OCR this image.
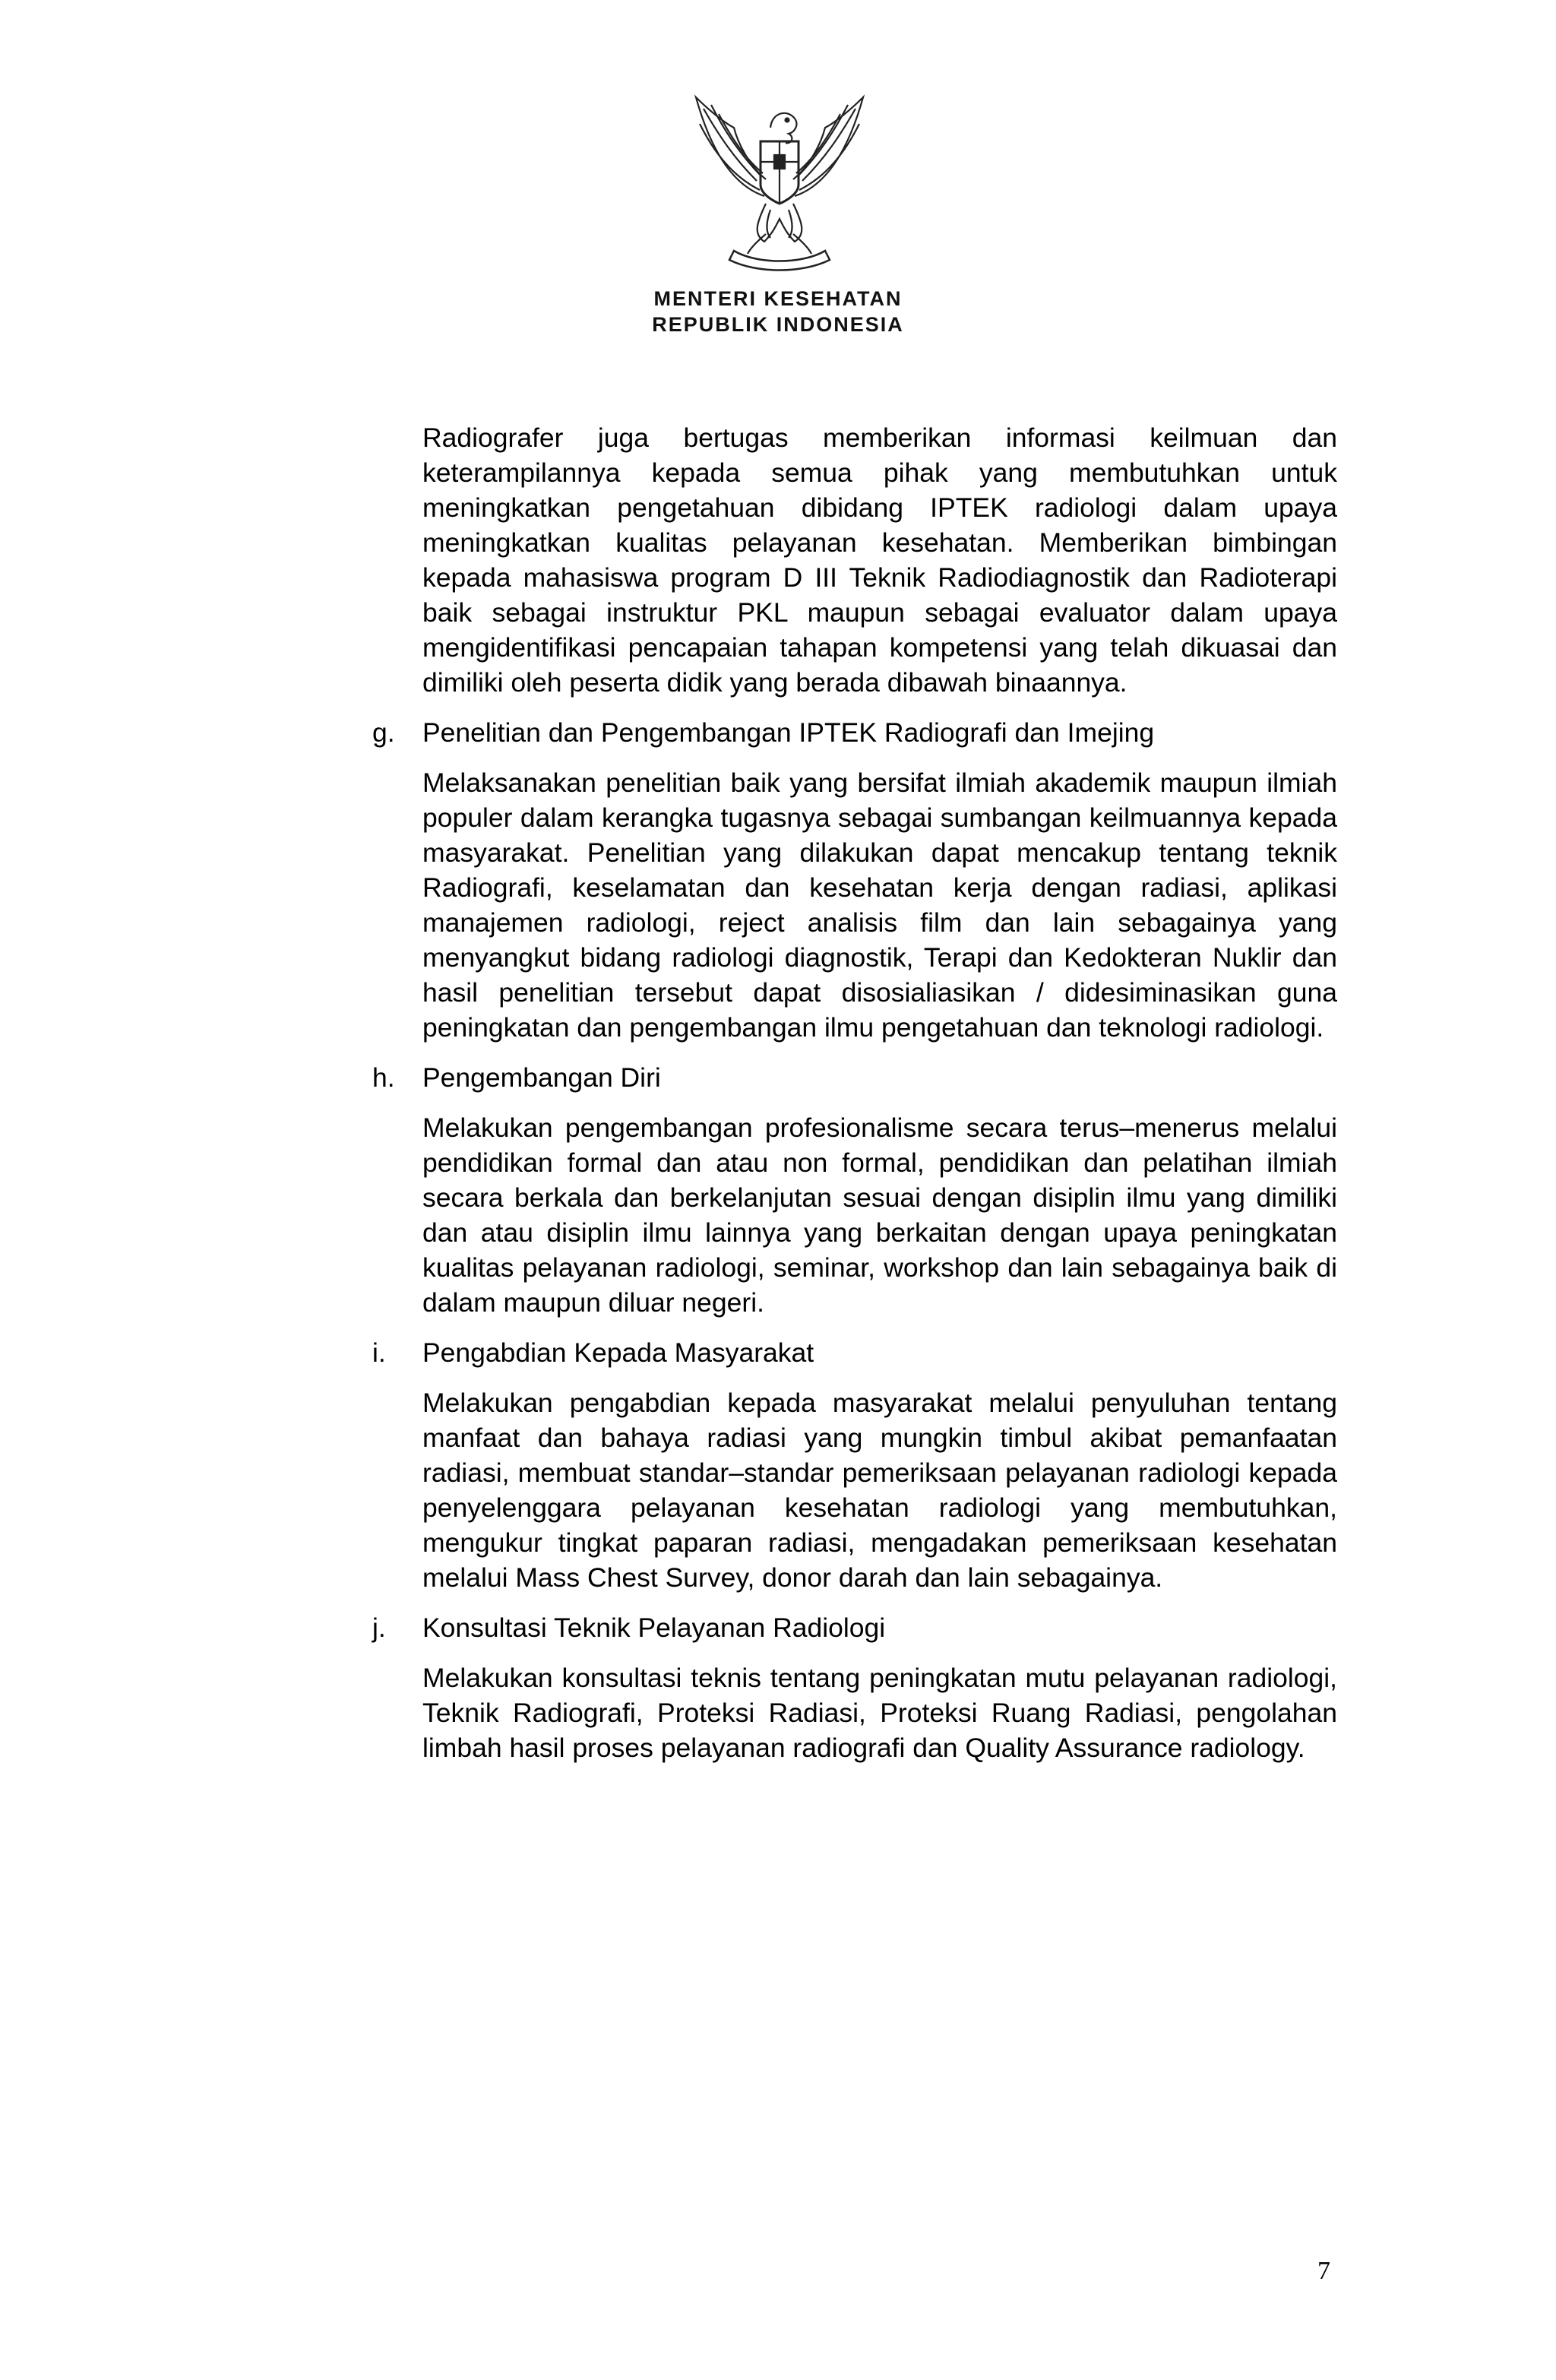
MENTERI KESEHATAN
REPUBLIK INDONESIA
Radiografer juga bertugas memberikan informasi keilmuan dan keterampilannya kepada semua pihak yang membutuhkan untuk meningkatkan pengetahuan dibidang IPTEK radiologi dalam upaya meningkatkan kualitas pelayanan kesehatan. Memberikan bimbingan kepada mahasiswa program D III Teknik Radiodiagnostik dan Radioterapi baik sebagai instruktur PKL maupun sebagai evaluator dalam upaya mengidentifikasi pencapaian tahapan kompetensi yang telah dikuasai dan dimiliki oleh peserta didik yang berada dibawah binaannya.
g.	Penelitian dan Pengembangan IPTEK Radiografi dan Imejing
Melaksanakan penelitian baik yang bersifat ilmiah akademik maupun ilmiah populer dalam kerangka tugasnya sebagai sumbangan keilmuannya kepada masyarakat. Penelitian yang dilakukan dapat mencakup tentang teknik Radiografi, keselamatan dan kesehatan kerja dengan radiasi, aplikasi manajemen radiologi, reject analisis film dan lain sebagainya yang menyangkut bidang radiologi diagnostik, Terapi dan Kedokteran Nuklir dan hasil penelitian tersebut dapat disosialiasikan / didesiminasikan guna peningkatan dan pengembangan ilmu pengetahuan dan teknologi radiologi.
h.	Pengembangan Diri
Melakukan pengembangan profesionalisme secara terus–menerus melalui pendidikan formal dan atau non formal, pendidikan dan pelatihan ilmiah secara berkala dan berkelanjutan sesuai dengan disiplin ilmu yang dimiliki dan atau disiplin ilmu lainnya yang berkaitan dengan upaya peningkatan kualitas pelayanan radiologi, seminar, workshop dan lain sebagainya baik di dalam maupun diluar negeri.
i.	Pengabdian Kepada Masyarakat
Melakukan pengabdian kepada masyarakat melalui penyuluhan tentang manfaat dan bahaya radiasi yang mungkin timbul akibat pemanfaatan radiasi, membuat standar–standar pemeriksaan pelayanan radiologi kepada penyelenggara pelayanan kesehatan radiologi yang membutuhkan, mengukur tingkat paparan radiasi, mengadakan pemeriksaan kesehatan melalui Mass Chest Survey, donor darah dan lain sebagainya.
j.	Konsultasi Teknik Pelayanan Radiologi
Melakukan konsultasi teknis tentang peningkatan mutu pelayanan radiologi, Teknik Radiografi, Proteksi Radiasi, Proteksi Ruang Radiasi, pengolahan limbah hasil proses pelayanan radiografi dan Quality Assurance radiology.
7
